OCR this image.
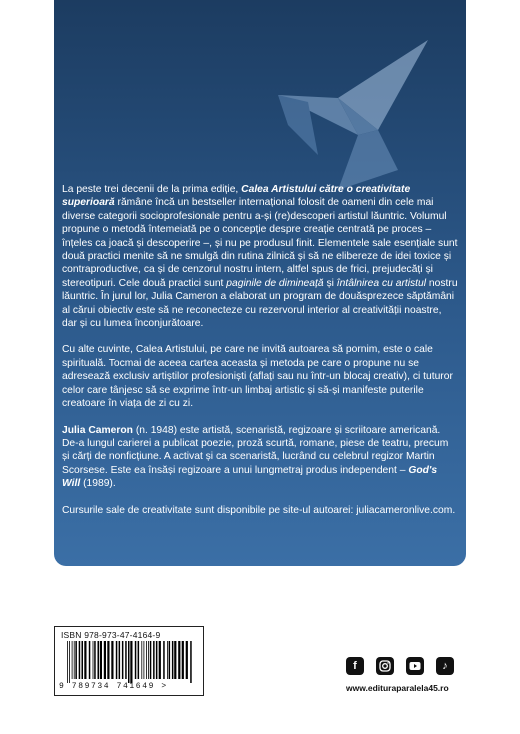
La peste trei decenii de la prima ediție, Calea Artistului către o creativitate superioară rămâne încă un bestseller internațional folosit de oameni din cele mai diverse categorii socioprofesionale pentru a-și (re)descoperi artistul lăuntric. Volumul propune o metodă întemeiată pe o concepție despre creație centrată pe proces – înțeles ca joacă și descoperire –, și nu pe produsul finit. Elementele sale esențiale sunt două practici menite să ne smulgă din rutina zilnică și să ne elibereze de idei toxice și contraproductive, ca și de cenzorul nostru intern, altfel spus de frici, prejudecăți și stereotipuri. Cele două practici sunt paginile de dimineață și întâlnirea cu artistul nostru lăuntric. În jurul lor, Julia Cameron a elaborat un program de douăsprezece săptămâni al cărui obiectiv este să ne reconecteze cu rezervorul interior al creativității noastre, dar și cu lumea înconjurătoare.

Cu alte cuvinte, Calea Artistului, pe care ne invită autoarea să pornim, este o cale spirituală. Tocmai de aceea cartea aceasta și metoda pe care o propune nu se adresează exclusiv artiștilor profesioniști (aflați sau nu într-un blocaj creativ), ci tuturor celor care tânjesc să se exprime într-un limbaj artistic și să-și manifeste puterile creatoare în viața de zi cu zi.

Julia Cameron (n. 1948) este artistă, scenaristă, regizoare și scriitoare americană. De-a lungul carierei a publicat poezie, proză scurtă, romane, piese de teatru, precum și cărți de nonficțiune. A activat și ca scenaristă, lucrând cu celebrul regizor Martin Scorsese. Este ea însăși regizoare a unui lungmetraj produs independent – God's Will (1989).

Cursurile sale de creativitate sunt disponibile pe site-ul autoarei: juliacameronlive.com.

ISBN 978-973-47-4164-9
9 789734 741649 >
f	♪
www.edituraparalela45.ro
